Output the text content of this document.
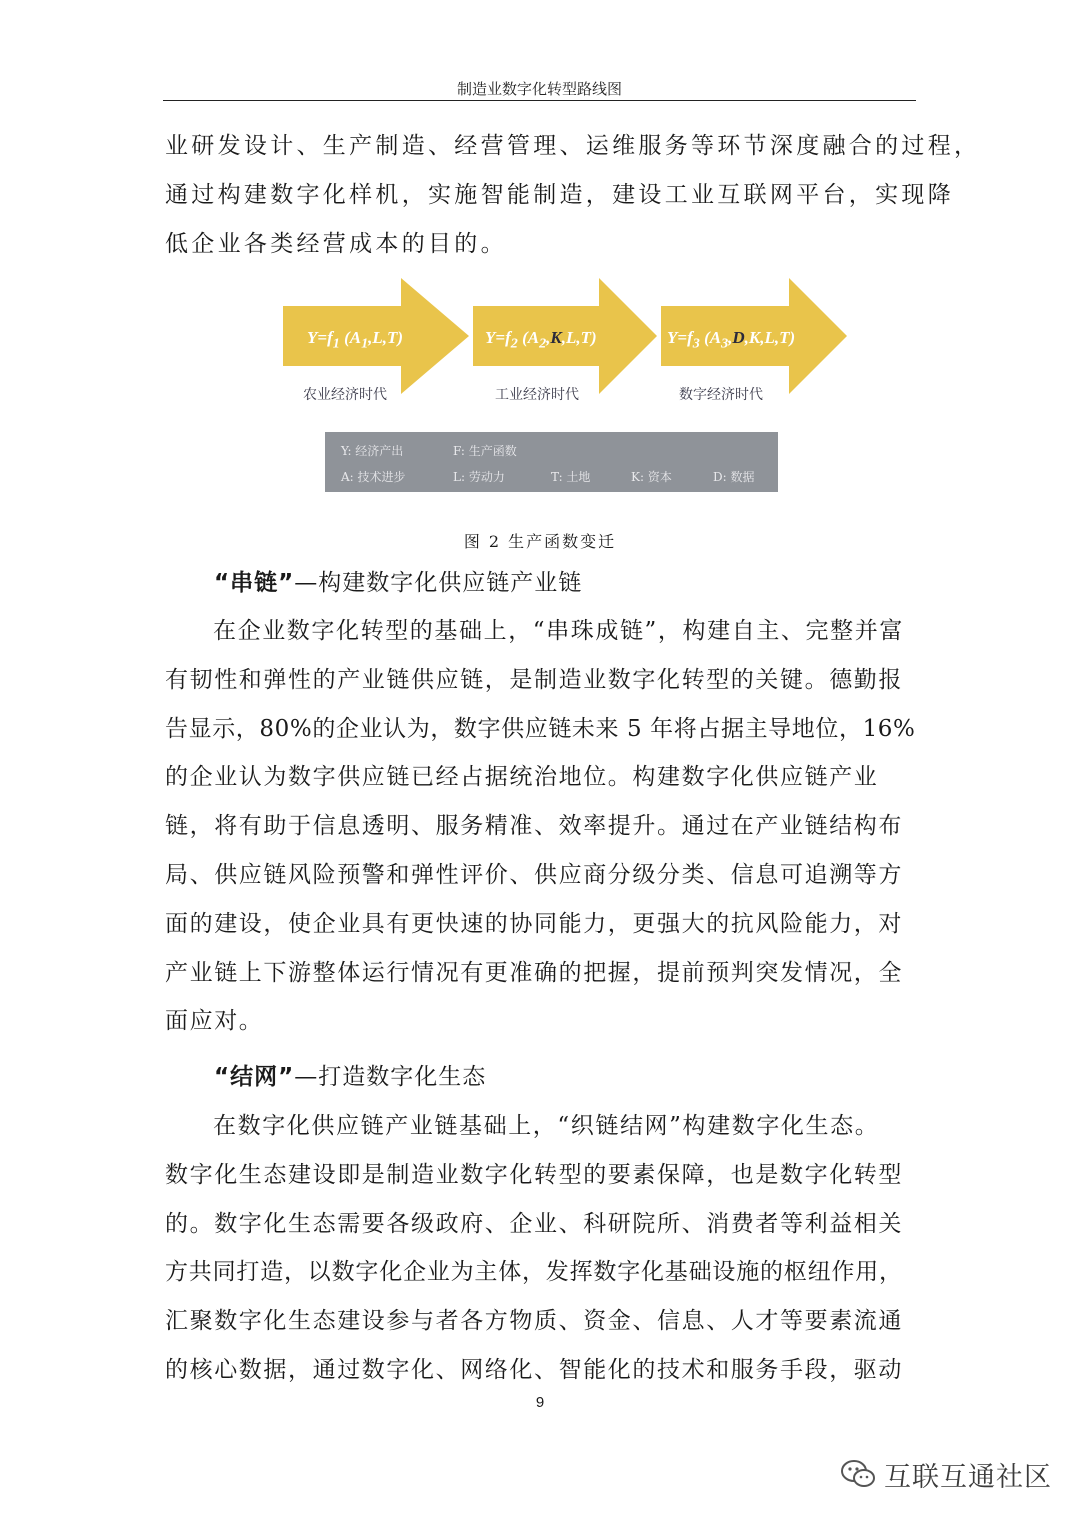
制造业数字化转型路线图
业研发设计、生产制造、经营管理、运维服务等环节深度融合的过程，
通过构建数字化样机，实施智能制造，建设工业互联网平台，实现降
低企业各类经营成本的目的。
$Y=f_1$ $(A_1,L,T)$
农业经济时代
$Y=f_2$ $(A_2,K,L,T)$
工业经济时代
$Y=f_3$ $(A_3,D,K,L,T)$
数字经济时代
Y: 经济产出	F: 生产函数
A: 技术进步	L: 劳动力	T: 土地	K: 资本	D: 数据
图 2 生产函数变迁
“串链”—构建数字化供应链产业链
在企业数字化转型的基础上，“串珠成链”，构建自主、完整并富
有韧性和弹性的产业链供应链，是制造业数字化转型的关键。德勤报
告显示，80%的企业认为，数字供应链未来 5 年将占据主导地位，16%
的企业认为数字供应链已经占据统治地位。构建数字化供应链产业
链，将有助于信息透明、服务精准、效率提升。通过在产业链结构布
局、供应链风险预警和弹性评价、供应商分级分类、信息可追溯等方
面的建设，使企业具有更快速的协同能力，更强大的抗风险能力，对
产业链上下游整体运行情况有更准确的把握，提前预判突发情况，全
面应对。
“结网”—打造数字化生态
在数字化供应链产业链基础上，“织链结网”构建数字化生态。
数字化生态建设即是制造业数字化转型的要素保障，也是数字化转型
的。数字化生态需要各级政府、企业、科研院所、消费者等利益相关
方共同打造，以数字化企业为主体，发挥数字化基础设施的枢纽作用，
汇聚数字化生态建设参与者各方物质、资金、信息、人才等要素流通
的核心数据，通过数字化、网络化、智能化的技术和服务手段，驱动
9
互联互通社区
